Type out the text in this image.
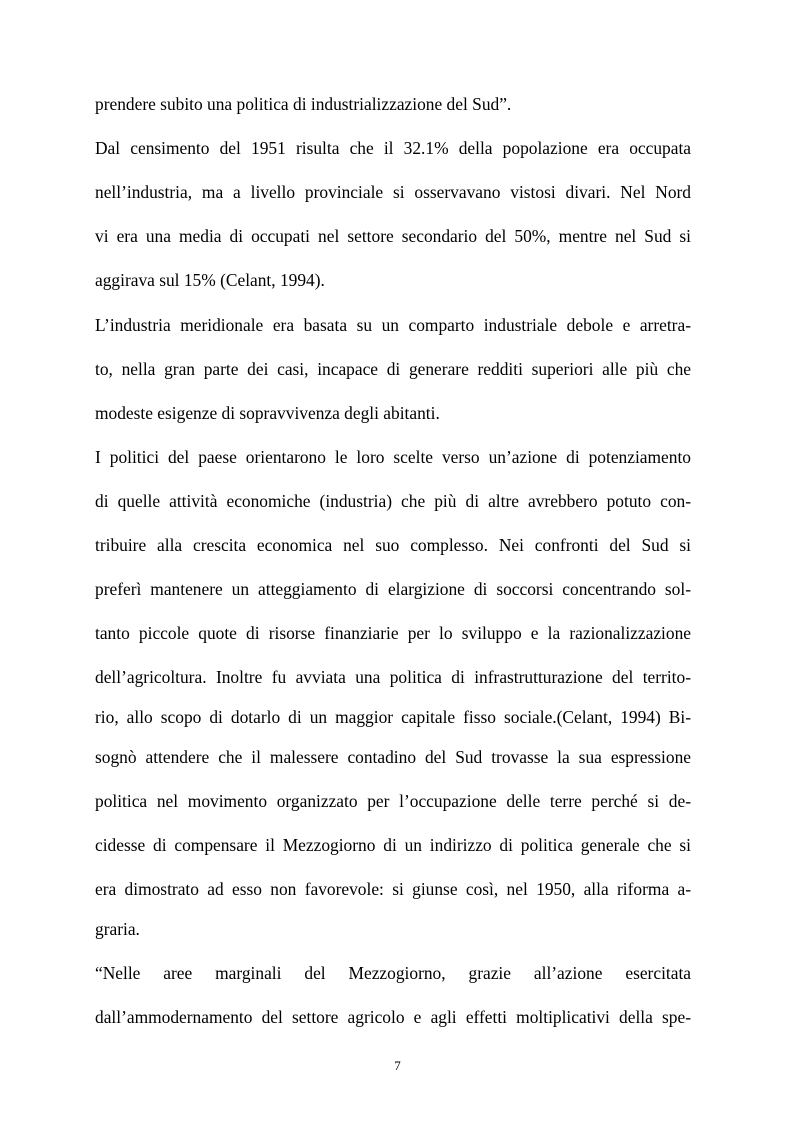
prendere subito una politica di industrializzazione del Sud”.
Dal censimento del 1951 risulta che il 32.1% della popolazione era occupata
nell’industria, ma a livello provinciale si osservavano vistosi divari. Nel Nord
vi era una media di occupati nel settore secondario del 50%, mentre nel Sud si
aggirava sul 15% (Celant, 1994).
L’industria meridionale era basata su un comparto industriale debole e arretra-
to, nella gran parte dei casi, incapace di generare redditi superiori alle più che
modeste esigenze di sopravvivenza degli abitanti.
I politici del paese orientarono le loro scelte verso un’azione di potenziamento
di quelle attività economiche (industria) che più di altre avrebbero potuto con-
tribuire alla crescita economica nel suo complesso. Nei confronti del Sud si
preferì mantenere un atteggiamento di elargizione di soccorsi concentrando sol-
tanto piccole quote di risorse finanziarie per lo sviluppo e la razionalizzazione
dell’agricoltura. Inoltre fu avviata una politica di infrastrutturazione del territo-
rio, allo scopo di dotarlo di un maggior capitale fisso sociale.(Celant, 1994) Bi-
sognò attendere che il malessere contadino del Sud trovasse la sua espressione
politica nel movimento organizzato per l’occupazione delle terre perché si de-
cidesse di compensare il Mezzogiorno di un indirizzo di politica generale che si
era dimostrato ad esso non favorevole: si giunse così, nel 1950, alla riforma a-
graria.
“Nelle aree marginali del Mezzogiorno, grazie all’azione esercitata
dall’ammodernamento del settore agricolo e agli effetti moltiplicativi della spe-
7
